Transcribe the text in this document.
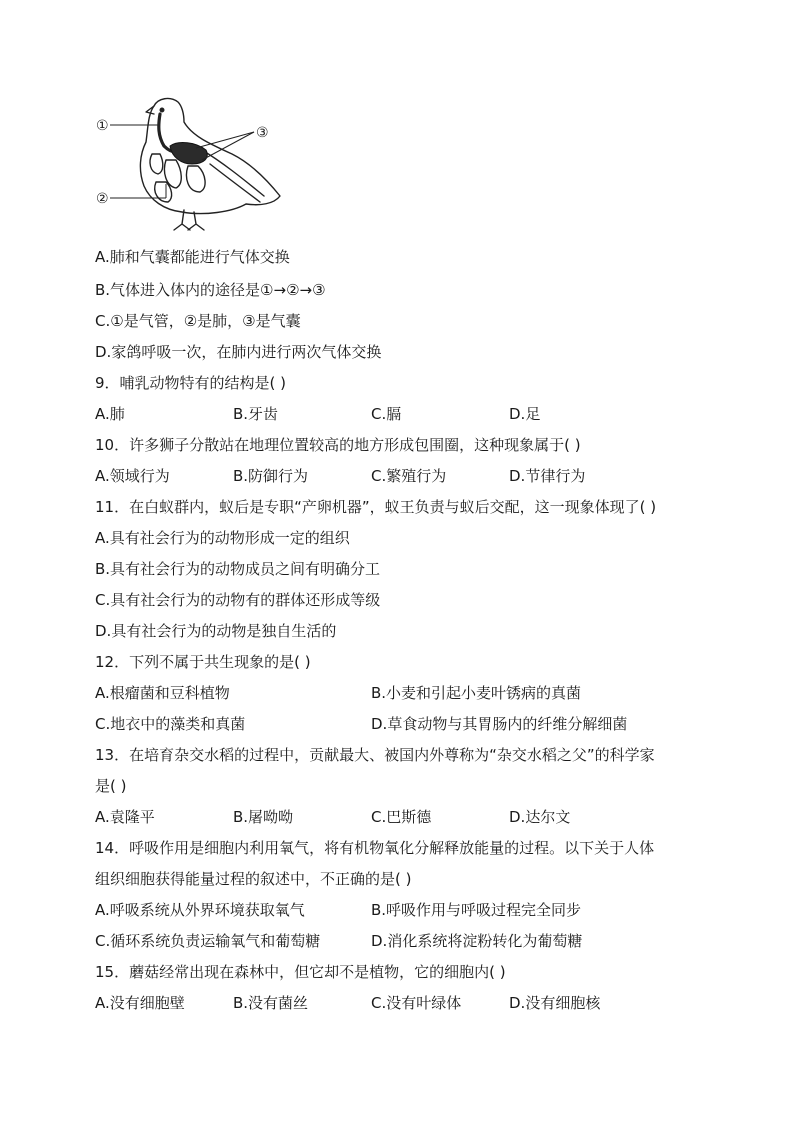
①
②
③
A.肺和气囊都能进行气体交换
B.气体进入体内的途径是①→②→③
C.①是气管，②是肺，③是气囊
D.家鸽呼吸一次，在肺内进行两次气体交换
9．哺乳动物特有的结构是( )
A.肺	B.牙齿	C.膈	D.足
10．许多狮子分散站在地理位置较高的地方形成包围圈，这种现象属于( )
A.领域行为	B.防御行为	C.繁殖行为	D.节律行为
11．在白蚁群内，蚁后是专职“产卵机器”，蚁王负责与蚁后交配，这一现象体现了( )
A.具有社会行为的动物形成一定的组织
B.具有社会行为的动物成员之间有明确分工
C.具有社会行为的动物有的群体还形成等级
D.具有社会行为的动物是独自生活的
12．下列不属于共生现象的是( )
A.根瘤菌和豆科植物	B.小麦和引起小麦叶锈病的真菌
C.地衣中的藻类和真菌	D.草食动物与其胃肠内的纤维分解细菌
13．在培育杂交水稻的过程中，贡献最大、被国内外尊称为“杂交水稻之父”的科学家
是( )
A.袁隆平	B.屠呦呦	C.巴斯德	D.达尔文
14．呼吸作用是细胞内利用氧气，将有机物氧化分解释放能量的过程。以下关于人体
组织细胞获得能量过程的叙述中，不正确的是( )
A.呼吸系统从外界环境获取氧气	B.呼吸作用与呼吸过程完全同步
C.循环系统负责运输氧气和葡萄糖	D.消化系统将淀粉转化为葡萄糖
15．蘑菇经常出现在森林中，但它却不是植物，它的细胞内( )
A.没有细胞壁	B.没有菌丝	C.没有叶绿体	D.没有细胞核
